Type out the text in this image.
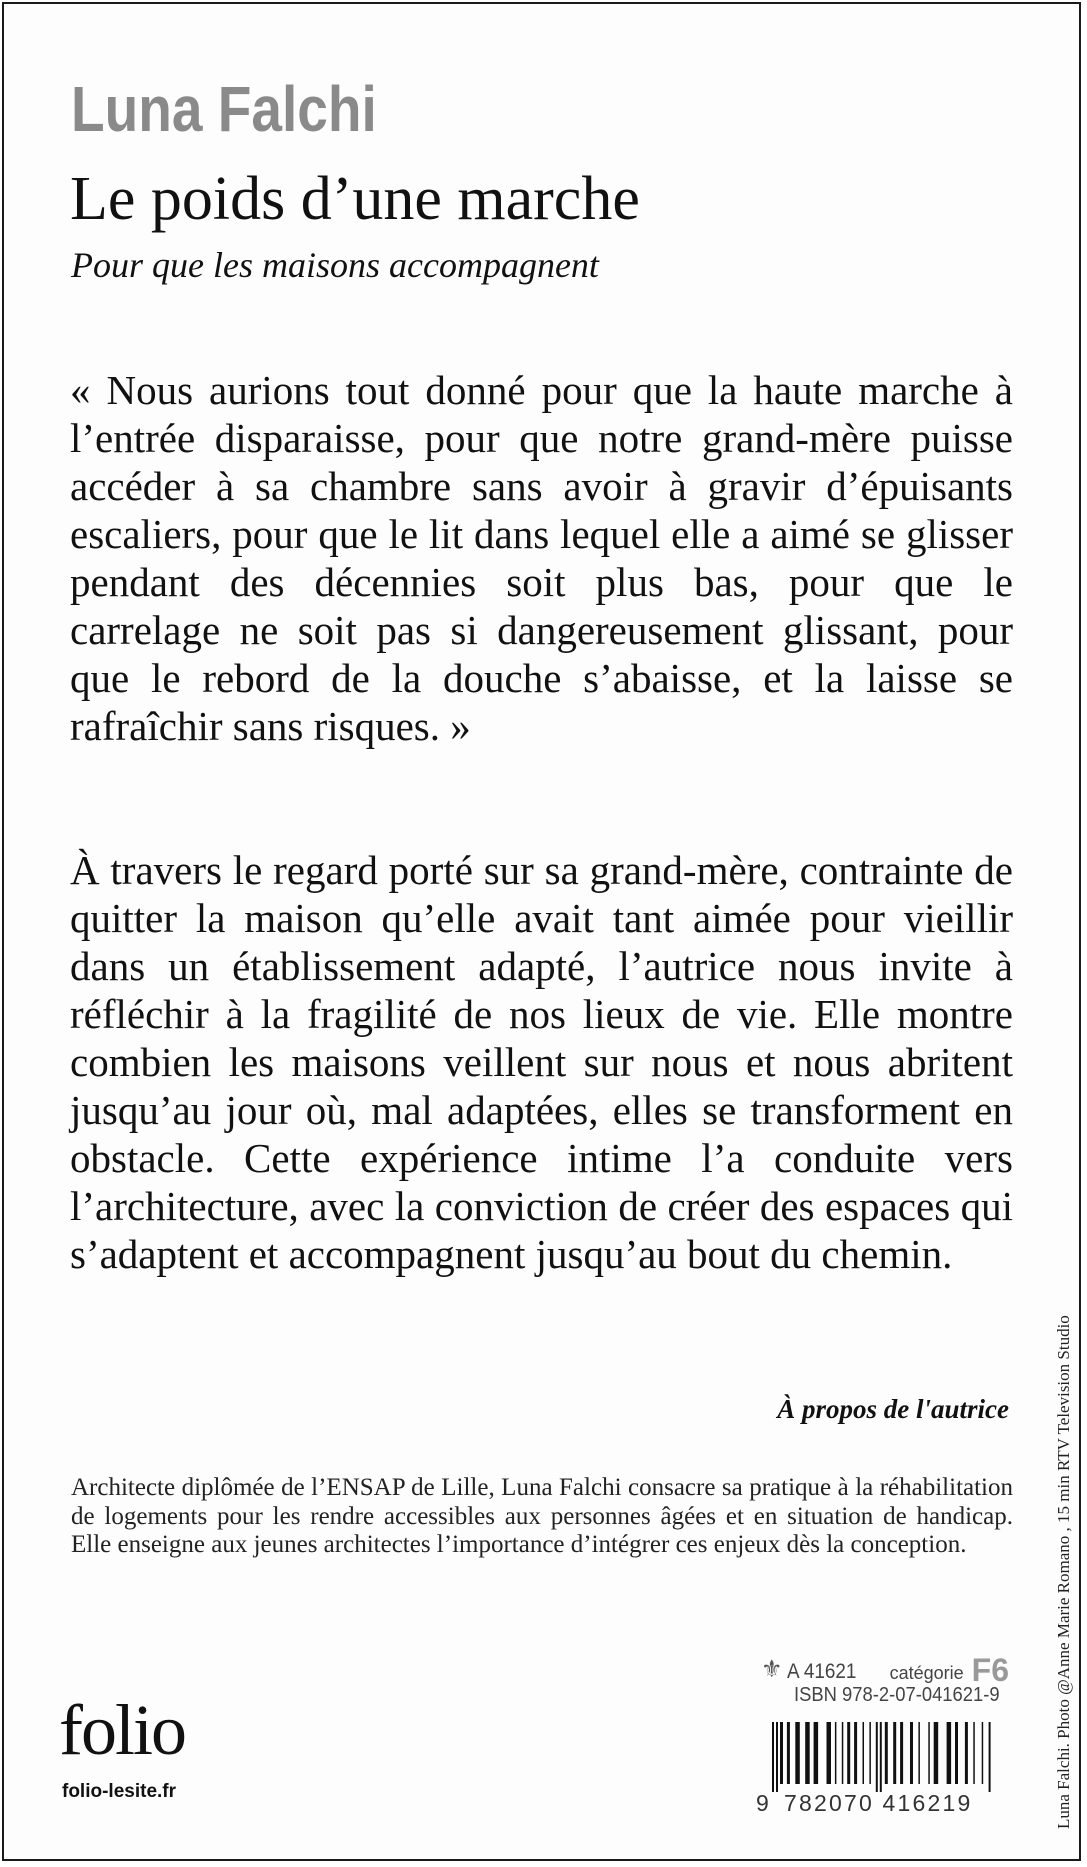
Luna Falchi
Le poids d’une marche
Pour que les maisons accompagnent

« Nous aurions tout donné pour que la haute marche à l’entrée disparaisse, pour que notre grand-mère puisse accéder à sa chambre sans avoir à gravir d’épuisants escaliers, pour que le lit dans lequel elle a aimé se glisser pendant des décennies soit plus bas, pour que le carrelage ne soit pas si dangereusement glissant, pour que le rebord de la douche s’abaisse, et la laisse se rafraîchir sans risques. »

À travers le regard porté sur sa grand-mère, contrainte de quitter la maison qu’elle avait tant aimée pour vieillir dans un établissement adapté, l’autrice nous invite à réfléchir à la fragilité de nos lieux de vie. Elle montre combien les maisons veillent sur nous et nous abritent jusqu’au jour où, mal adaptées, elles se transforment en obstacle. Cette expérience intime l’a conduite vers l’architecture, avec la conviction de créer des espaces qui s’adaptent et accompagnent jusqu’au bout du chemin.

À propos de l'autrice

Architecte diplômée de l’ENSAP de Lille, Luna Falchi consacre sa pratique à la réhabilitation de logements pour les rendre accessibles aux personnes âgées et en situation de handicap. Elle enseigne aux jeunes architectes l’importance d’intégrer ces enjeux dès la conception.	Luna Falchi. Photo @Anne Marie Romano , 15 min RTV Television Studio
⚜ A 41621 catégorie F6
ISBN 978-2-07-041621-9
9 782070 416219
folio
folio-lesite.fr
